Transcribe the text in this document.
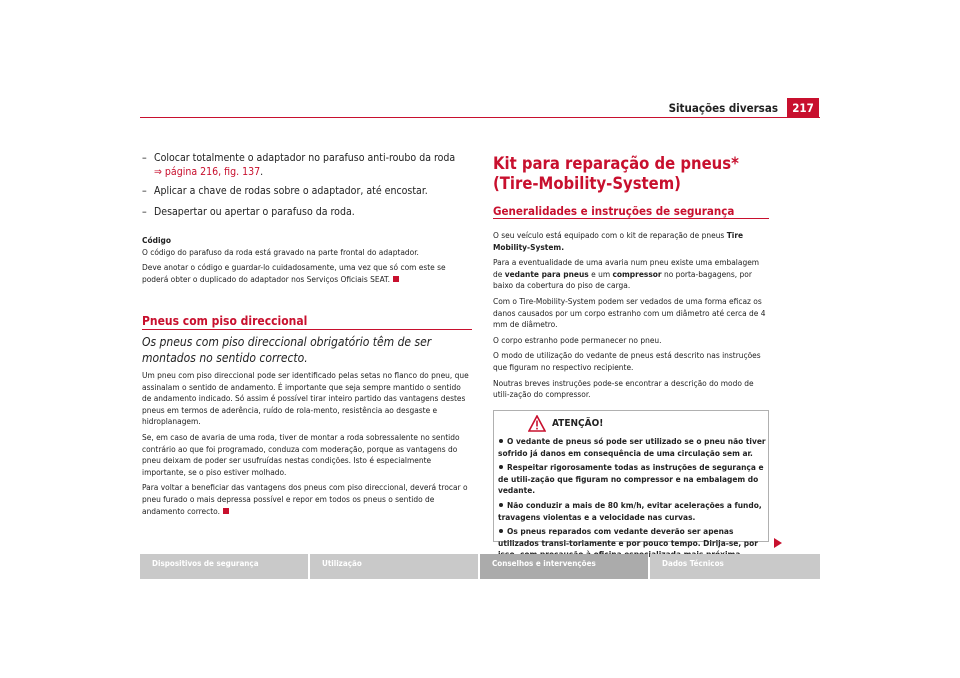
Situações diversas	217
– Colocar totalmente o adaptador no parafuso anti-roubo da roda
⇒ página 216, fig. 137.
– Aplicar a chave de rodas sobre o adaptador, até encostar.
– Desapertar ou apertar o parafuso da roda.

Código

O código do parafuso da roda está gravado na parte frontal do adaptador.

Deve anotar o código e guardar-lo cuidadosamente, uma vez que só com este se poderá obter o duplicado do adaptador nos Serviços Oficiais SEAT.

Pneus com piso direccional
Os pneus com piso direccional obrigatório têm de ser montados no sentido correcto.

Um pneu com piso direccional pode ser identificado pelas setas no flanco do pneu, que assinalam o sentido de andamento. É importante que seja sempre mantido o sentido de andamento indicado. Só assim é possível tirar inteiro partido das vantagens destes pneus em termos de aderência, ruído de rola-mento, resistência ao desgaste e hidroplanagem.

Se, em caso de avaria de uma roda, tiver de montar a roda sobressalente no sentido contrário ao que foi programado, conduza com moderação, porque as vantagens do pneu deixam de poder ser usufruídas nestas condições. Isto é especialmente importante, se o piso estiver molhado.

Para voltar a beneficiar das vantagens dos pneus com piso direccional, deverá trocar o pneu furado o mais depressa possível e repor em todos os pneus o sentido de andamento correcto.

Kit para reparação de pneus* (Tire-Mobility-System)
Generalidades e instruções de segurança

O seu veículo está equipado com o kit de reparação de pneus Tire Mobility-System.

Para a eventualidade de uma avaria num pneu existe uma embalagem de vedante para pneus e um compressor no porta-bagagens, por baixo da cobertura do piso de carga.

Com o Tire-Mobility-System podem ser vedados de uma forma eficaz os danos causados por um corpo estranho com um diâmetro até cerca de 4 mm de diâmetro.

O corpo estranho pode permanecer no pneu.

O modo de utilização do vedante de pneus está descrito nas instruções que figuram no respectivo recipiente.

Noutras breves instruções pode-se encontrar a descrição do modo de utili-zação do compressor.

ATENÇÃO!
O vedante de pneus só pode ser utilizado se o pneu não tiver sofrido já danos em consequência de uma circulação sem ar.
Respeitar rigorosamente todas as instruções de segurança e de utili-zação que figuram no compressor e na embalagem do vedante.
Não conduzir a mais de 80 km/h, evitar acelerações a fundo, travagens violentas e a velocidade nas curvas.
Os pneus reparados com vedante deverão ser apenas utilizados transi-toriamente e por pouco tempo. Dirija-se, por
Dispositivos de segurança	Utilização	Conselhos e intervenções	Dados Técnicos
